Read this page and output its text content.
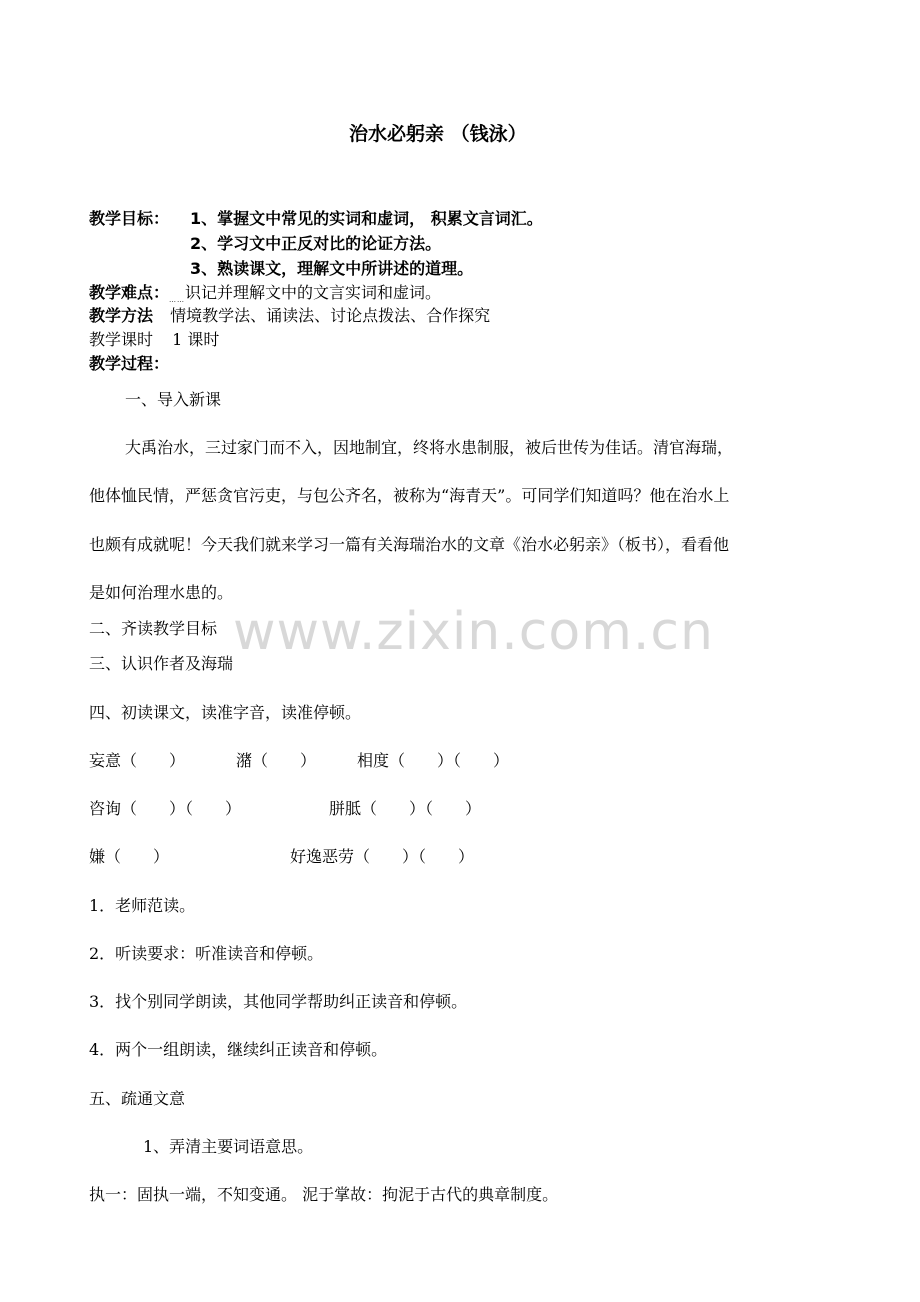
治水必躬亲 （钱泳）
教学目标： 1、掌握文中常见的实词和虚词， 积累文言词汇。
2、学习文中正反对比的论证方法。
3、熟读课文，理解文中所讲述的道理。
教学难点：$_{\dots\dots}$识记并理解文中的文言实词和虚词。
教学方法 情境教学法、诵读法、讨论点拨法、合作探究
教学课时 1 课时
教学过程：
一、导入新课
大禹治水，三过家门而不入，因地制宜，终将水患制服，被后世传为佳话。清官海瑞，
他体恤民情，严惩贪官污吏，与包公齐名，被称为“海青天”。可同学们知道吗？他在治水上
也颇有成就呢！今天我们就来学习一篇有关海瑞治水的文章《治水必躬亲》（板书），看看他
是如何治理水患的。
www.zixin.com.cn
二、齐读教学目标
三、认识作者及海瑞
四、初读课文，读准字音，读准停顿。
妄意（　　）	潴（　　）	相度（　　）（　　）
咨询（　　）（　　）	胼胝（　　）（　　）
嫌（　　）	好逸恶劳（　　）（　　）
1．老师范读。
2．听读要求：听准读音和停顿。
3．找个别同学朗读，其他同学帮助纠正读音和停顿。
4．两个一组朗读，继续纠正读音和停顿。
五、疏通文意
1、弄清主要词语意思。
执一：固执一端，不知变通。 泥于掌故：拘泥于古代的典章制度。
